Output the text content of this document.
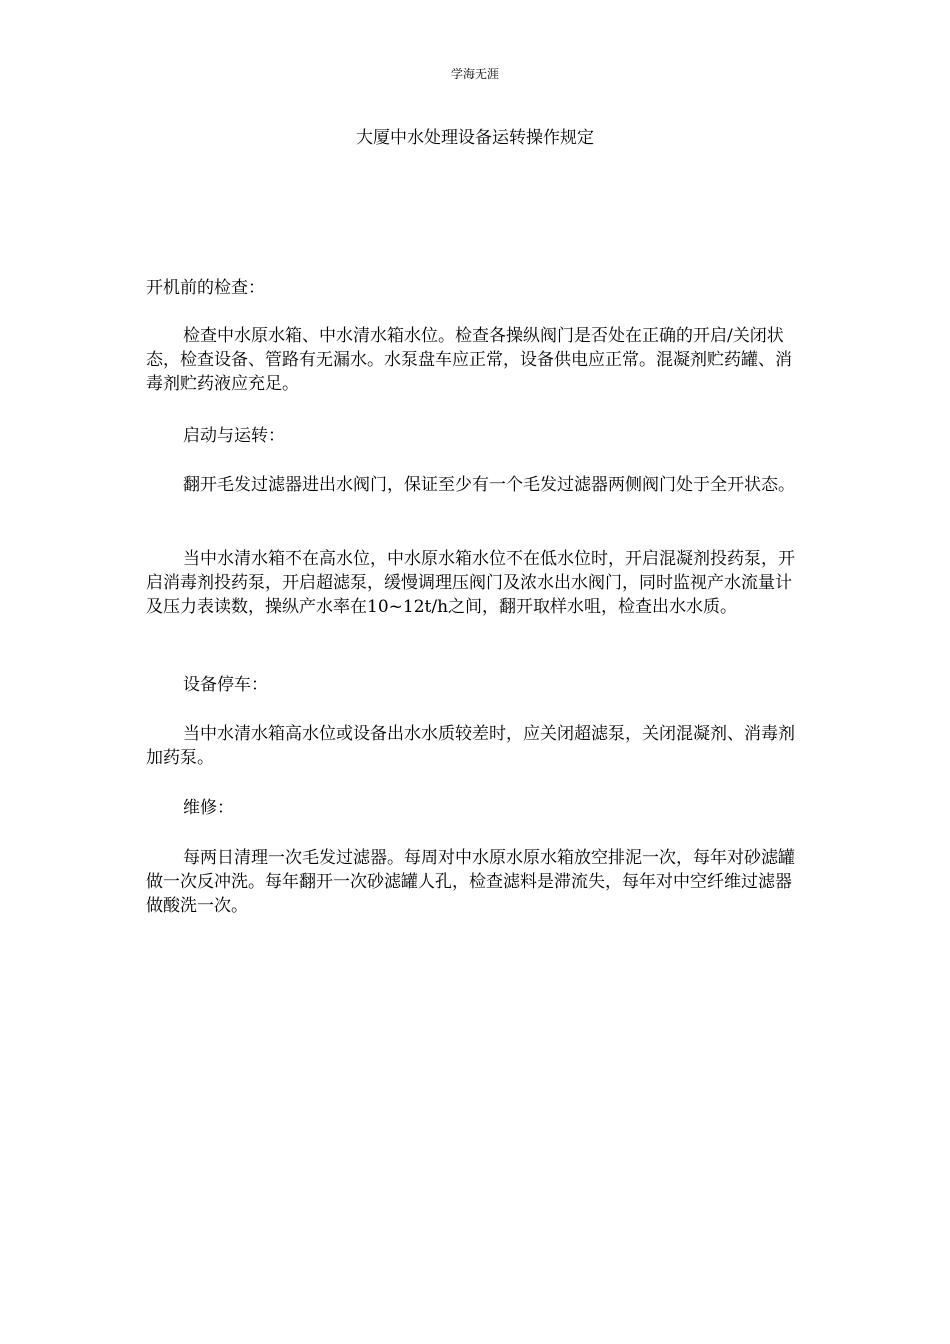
学海无涯
大厦中水处理设备运转操作规定

开机前的检查：

检查中水原水箱、中水清水箱水位。检查各操纵阀门是否处在正确的开启/关闭状态，检查设备、管路有无漏水。水泵盘车应正常，设备供电应正常。混凝剂贮药罐、消毒剂贮药液应充足。

启动与运转：

翻开毛发过滤器进出水阀门，保证至少有一个毛发过滤器两侧阀门处于全开状态。

当中水清水箱不在高水位，中水原水箱水位不在低水位时，开启混凝剂投药泵，开启消毒剂投药泵，开启超滤泵，缓慢调理压阀门及浓水出水阀门，同时监视产水流量计及压力表读数，操纵产水率在10~12t/h之间，翻开取样水咀，检查出水水质。

设备停车：

当中水清水箱高水位或设备出水水质较差时，应关闭超滤泵，关闭混凝剂、消毒剂加药泵。

维修：

每两日清理一次毛发过滤器。每周对中水原水原水箱放空排泥一次，每年对砂滤罐做一次反冲洗。每年翻开一次砂滤罐人孔，检查滤料是滞流失，每年对中空纤维过滤器做酸洗一次。
